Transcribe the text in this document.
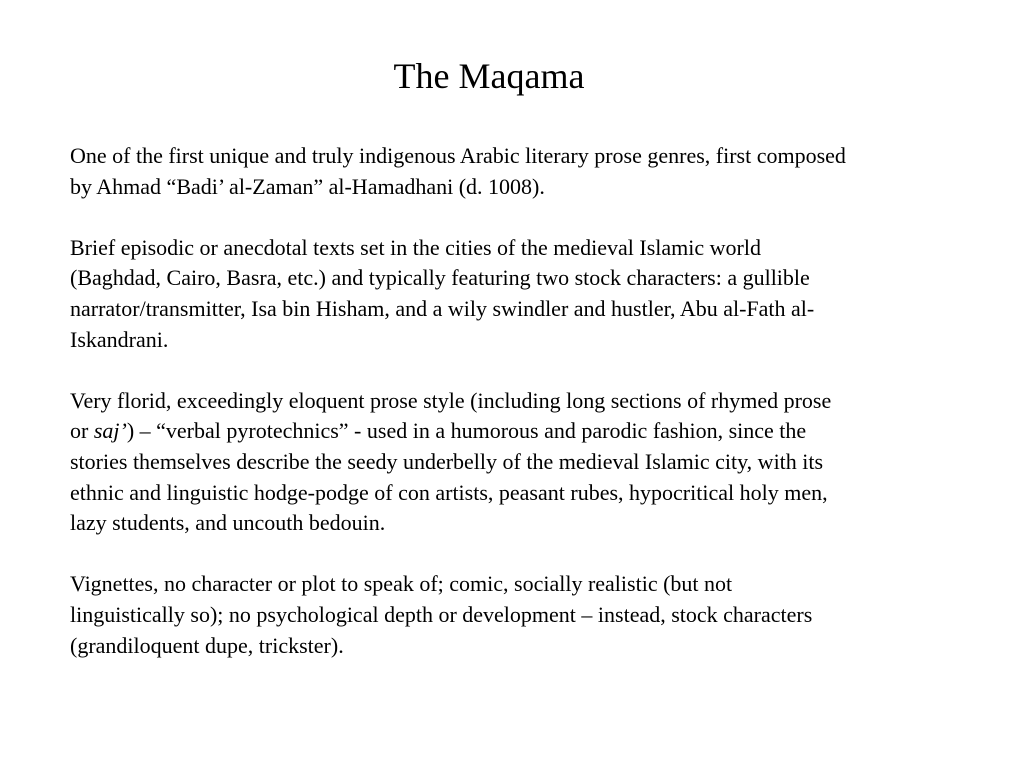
The Maqama

One of the first unique and truly indigenous Arabic literary prose genres, first composed
by Ahmad “Badi’ al-Zaman” al-Hamadhani (d. 1008).

Brief episodic or anecdotal texts set in the cities of the medieval Islamic world
(Baghdad, Cairo, Basra, etc.) and typically featuring two stock characters: a gullible
narrator/transmitter, Isa bin Hisham, and a wily swindler and hustler, Abu al-Fath al-
Iskandrani.

Very florid, exceedingly eloquent prose style (including long sections of rhymed prose
or saj’) – “verbal pyrotechnics” - used in a humorous and parodic fashion, since the
stories themselves describe the seedy underbelly of the medieval Islamic city, with its
ethnic and linguistic hodge-podge of con artists, peasant rubes, hypocritical holy men,
lazy students, and uncouth bedouin.

Vignettes, no character or plot to speak of; comic, socially realistic (but not
linguistically so); no psychological depth or development – instead, stock characters
(grandiloquent dupe, trickster).
